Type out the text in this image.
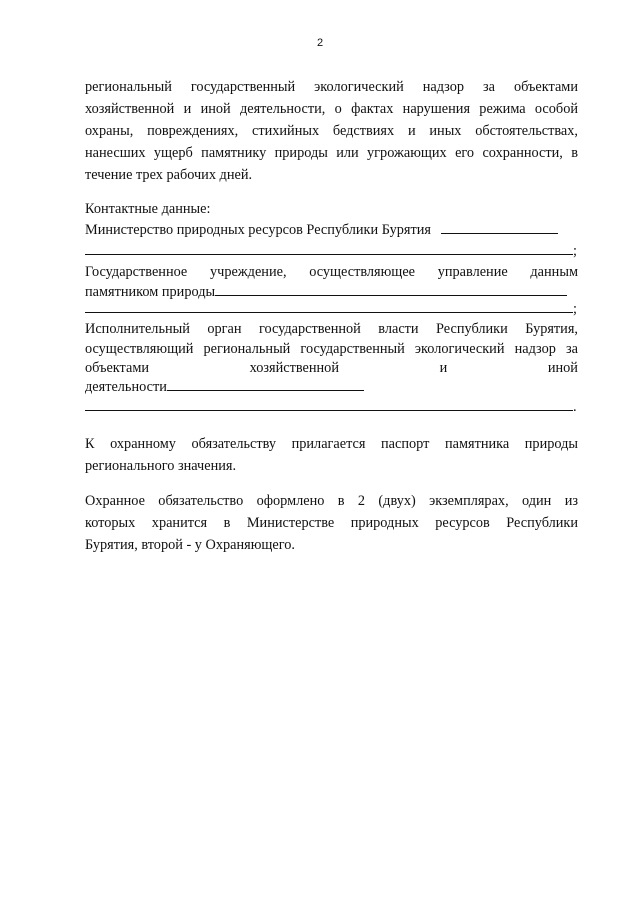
2
региональный государственный экологический надзор за объектами
хозяйственной и иной деятельности, о фактах нарушения режима особой
охраны, повреждениях, стихийных бедствиях и иных обстоятельствах,
нанесших ущерб памятнику природы или угрожающих его сохранности, в
течение трех рабочих дней.
Контактные данные:
Министерство природных ресурсов Республики Бурятия
;
Государственное учреждение, осуществляющее управление данным
памятником природы
;
Исполнительный орган государственной власти Республики Бурятия,
осуществляющий региональный государственный экологический надзор за
объектами	хозяйственной	и	иной
деятельности
.
К охранному обязательству прилагается паспорт памятника природы
регионального значения.
Охранное обязательство оформлено в 2 (двух) экземплярах, один из
которых хранится в Министерстве природных ресурсов Республики
Бурятия, второй - у Охраняющего.
